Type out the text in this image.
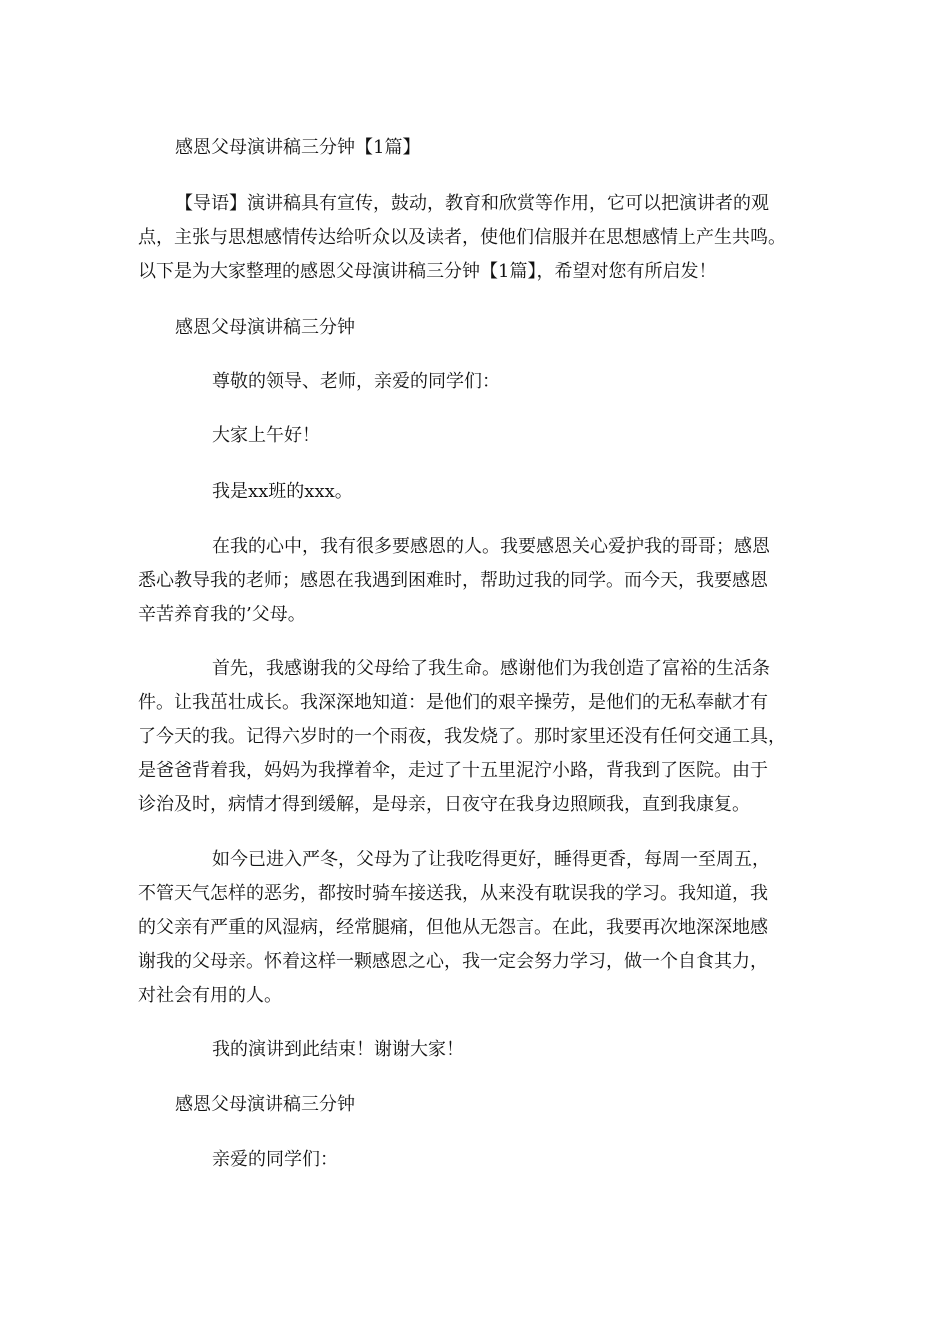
感恩父母演讲稿三分钟【1篇】
【导语】演讲稿具有宣传，鼓动，教育和欣赏等作用，它可以把演讲者的观
点，主张与思想感情传达给听众以及读者，使他们信服并在思想感情上产生共鸣。
以下是为大家整理的感恩父母演讲稿三分钟【1篇】，希望对您有所启发！
感恩父母演讲稿三分钟
尊敬的领导、老师，亲爱的同学们：
大家上午好！
我是xx班的xxx。
在我的心中，我有很多要感恩的人。我要感恩关心爱护我的哥哥；感恩
悉心教导我的老师；感恩在我遇到困难时，帮助过我的同学。而今天，我要感恩
辛苦养育我的’父母。
首先，我感谢我的父母给了我生命。感谢他们为我创造了富裕的生活条
件。让我茁壮成长。我深深地知道：是他们的艰辛操劳，是他们的无私奉献才有
了今天的我。记得六岁时的一个雨夜，我发烧了。那时家里还没有任何交通工具，
是爸爸背着我，妈妈为我撑着伞，走过了十五里泥泞小路，背我到了医院。由于
诊治及时，病情才得到缓解，是母亲，日夜守在我身边照顾我，直到我康复。
如今已进入严冬，父母为了让我吃得更好，睡得更香，每周一至周五，
不管天气怎样的恶劣，都按时骑车接送我，从来没有耽误我的学习。我知道，我
的父亲有严重的风湿病，经常腿痛，但他从无怨言。在此，我要再次地深深地感
谢我的父母亲。怀着这样一颗感恩之心，我一定会努力学习，做一个自食其力，
对社会有用的人。
我的演讲到此结束！谢谢大家！
感恩父母演讲稿三分钟
亲爱的同学们：
